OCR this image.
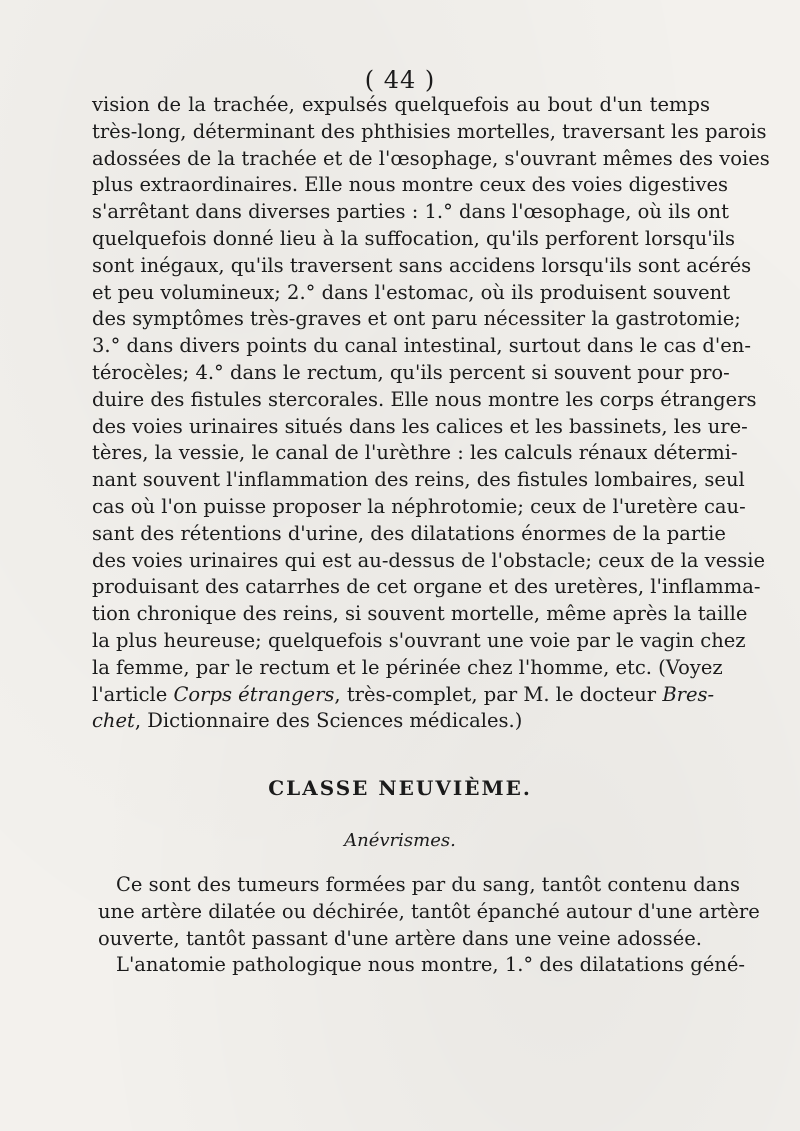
( 44 )
vision de la trachée, expulsés quelquefois au bout d'un temps
très-long, déterminant des phthisies mortelles, traversant les parois
adossées de la trachée et de l'œsophage, s'ouvrant mêmes des voies
plus extraordinaires. Elle nous montre ceux des voies digestives
s'arrêtant dans diverses parties : 1.° dans l'œsophage, où ils ont
quelquefois donné lieu à la suffocation, qu'ils perforent lorsqu'ils
sont inégaux, qu'ils traversent sans accidens lorsqu'ils sont acérés
et peu volumineux; 2.° dans l'estomac, où ils produisent souvent
des symptômes très-graves et ont paru nécessiter la gastrotomie;
3.° dans divers points du canal intestinal, surtout dans le cas d'en-
térocèles; 4.° dans le rectum, qu'ils percent si souvent pour pro-
duire des fistules stercorales. Elle nous montre les corps étrangers
des voies urinaires situés dans les calices et les bassinets, les ure-
tères, la vessie, le canal de l'urèthre : les calculs rénaux détermi-
nant souvent l'inflammation des reins, des fistules lombaires, seul
cas où l'on puisse proposer la néphrotomie; ceux de l'uretère cau-
sant des rétentions d'urine, des dilatations énormes de la partie
des voies urinaires qui est au-dessus de l'obstacle; ceux de la vessie
produisant des catarrhes de cet organe et des uretères, l'inflamma-
tion chronique des reins, si souvent mortelle, même après la taille
la plus heureuse; quelquefois s'ouvrant une voie par le vagin chez
la femme, par le rectum et le périnée chez l'homme, etc. (Voyez
l'article Corps étrangers, très-complet, par M. le docteur Bres-
chet, Dictionnaire des Sciences médicales.)
CLASSE NEUVIÈME.
Anévrismes.
Ce sont des tumeurs formées par du sang, tantôt contenu dans
une artère dilatée ou déchirée, tantôt épanché autour d'une artère
ouverte, tantôt passant d'une artère dans une veine adossée.
L'anatomie pathologique nous montre, 1.° des dilatations géné-
